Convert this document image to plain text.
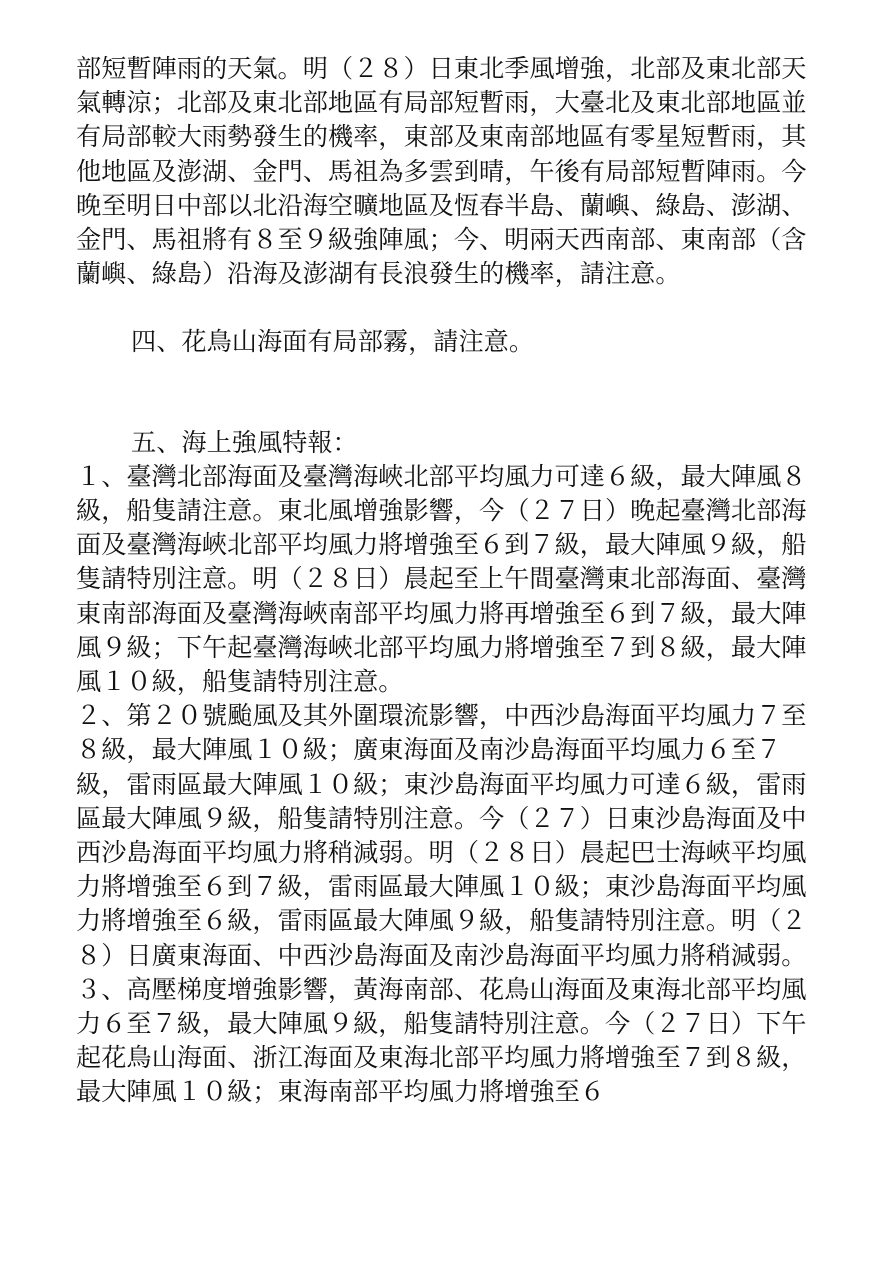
部短暫陣雨的天氣。明（２８）日東北季風增強，北部及東北部天氣轉涼；北部及東北部地區有局部短暫雨，大臺北及東北部地區並有局部較大雨勢發生的機率，東部及東南部地區有零星短暫雨，其他地區及澎湖、金門、馬祖為多雲到晴，午後有局部短暫陣雨。今晚至明日中部以北沿海空曠地區及恆春半島、蘭嶼、綠島、澎湖、金門、馬祖將有８至９級強陣風；今、明兩天西南部、東南部（含蘭嶼、綠島）沿海及澎湖有長浪發生的機率，請注意。

四、花鳥山海面有局部霧，請注意。

五、海上強風特報：

１、臺灣北部海面及臺灣海峽北部平均風力可達６級，最大陣風８級，船隻請注意。東北風增強影響，今（２７日）晚起臺灣北部海面及臺灣海峽北部平均風力將增強至６到７級，最大陣風９級，船隻請特別注意。明（２８日）晨起至上午間臺灣東北部海面、臺灣東南部海面及臺灣海峽南部平均風力將再增強至６到７級，最大陣風９級；下午起臺灣海峽北部平均風力將增強至７到８級，最大陣風１０級，船隻請特別注意。

２、第２０號颱風及其外圍環流影響，中西沙島海面平均風力７至８級，最大陣風１０級；廣東海面及南沙島海面平均風力６至７級，雷雨區最大陣風１０級；東沙島海面平均風力可達６級，雷雨區最大陣風９級，船隻請特別注意。今（２７）日東沙島海面及中西沙島海面平均風力將稍減弱。明（２８日）晨起巴士海峽平均風力將增強至６到７級，雷雨區最大陣風１０級；東沙島海面平均風力將增強至６級，雷雨區最大陣風９級，船隻請特別注意。明（２８）日廣東海面、中西沙島海面及南沙島海面平均風力將稍減弱。

３、高壓梯度增強影響，黃海南部、花鳥山海面及東海北部平均風力６至７級，最大陣風９級，船隻請特別注意。今（２７日）下午起花鳥山海面、浙江海面及東海北部平均風力將增強至７到８級，最大陣風１０級；東海南部平均風力將增強至６
